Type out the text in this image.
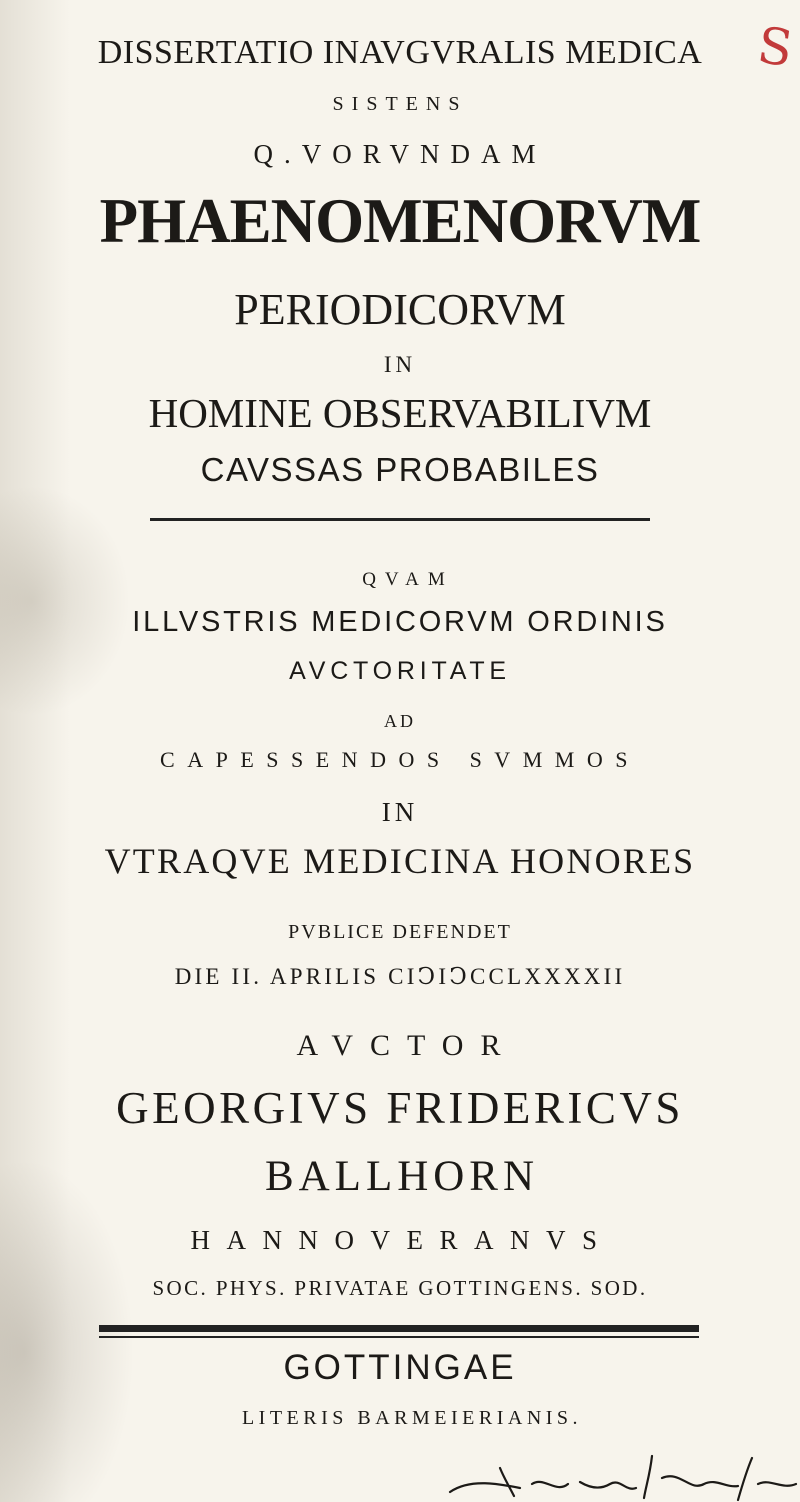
DISSERTATIO INAVGVRALIS MEDICA	S
SISTENS
Q.VORVNDAM
PHAENOMENORVM
PERIODICORVM
IN
HOMINE OBSERVABILIVM
CAVSSAS PROBABILES
QVAM
ILLVSTRIS MEDICORVM ORDINIS
AVCTORITATE
AD
CAPESSENDOS SVMMOS
IN
VTRAQVE MEDICINA HONORES
PVBLICE DEFENDET
DIE II. APRILIS CIↃIↃCCLXXXXII
AVCTOR
GEORGIVS FRIDERICVS
BALLHORN
HANNOVERANVS
SOC. PHYS. PRIVATAE GOTTINGENS. SOD.
GOTTINGAE
LITERIS BARMEIERIANIS.
